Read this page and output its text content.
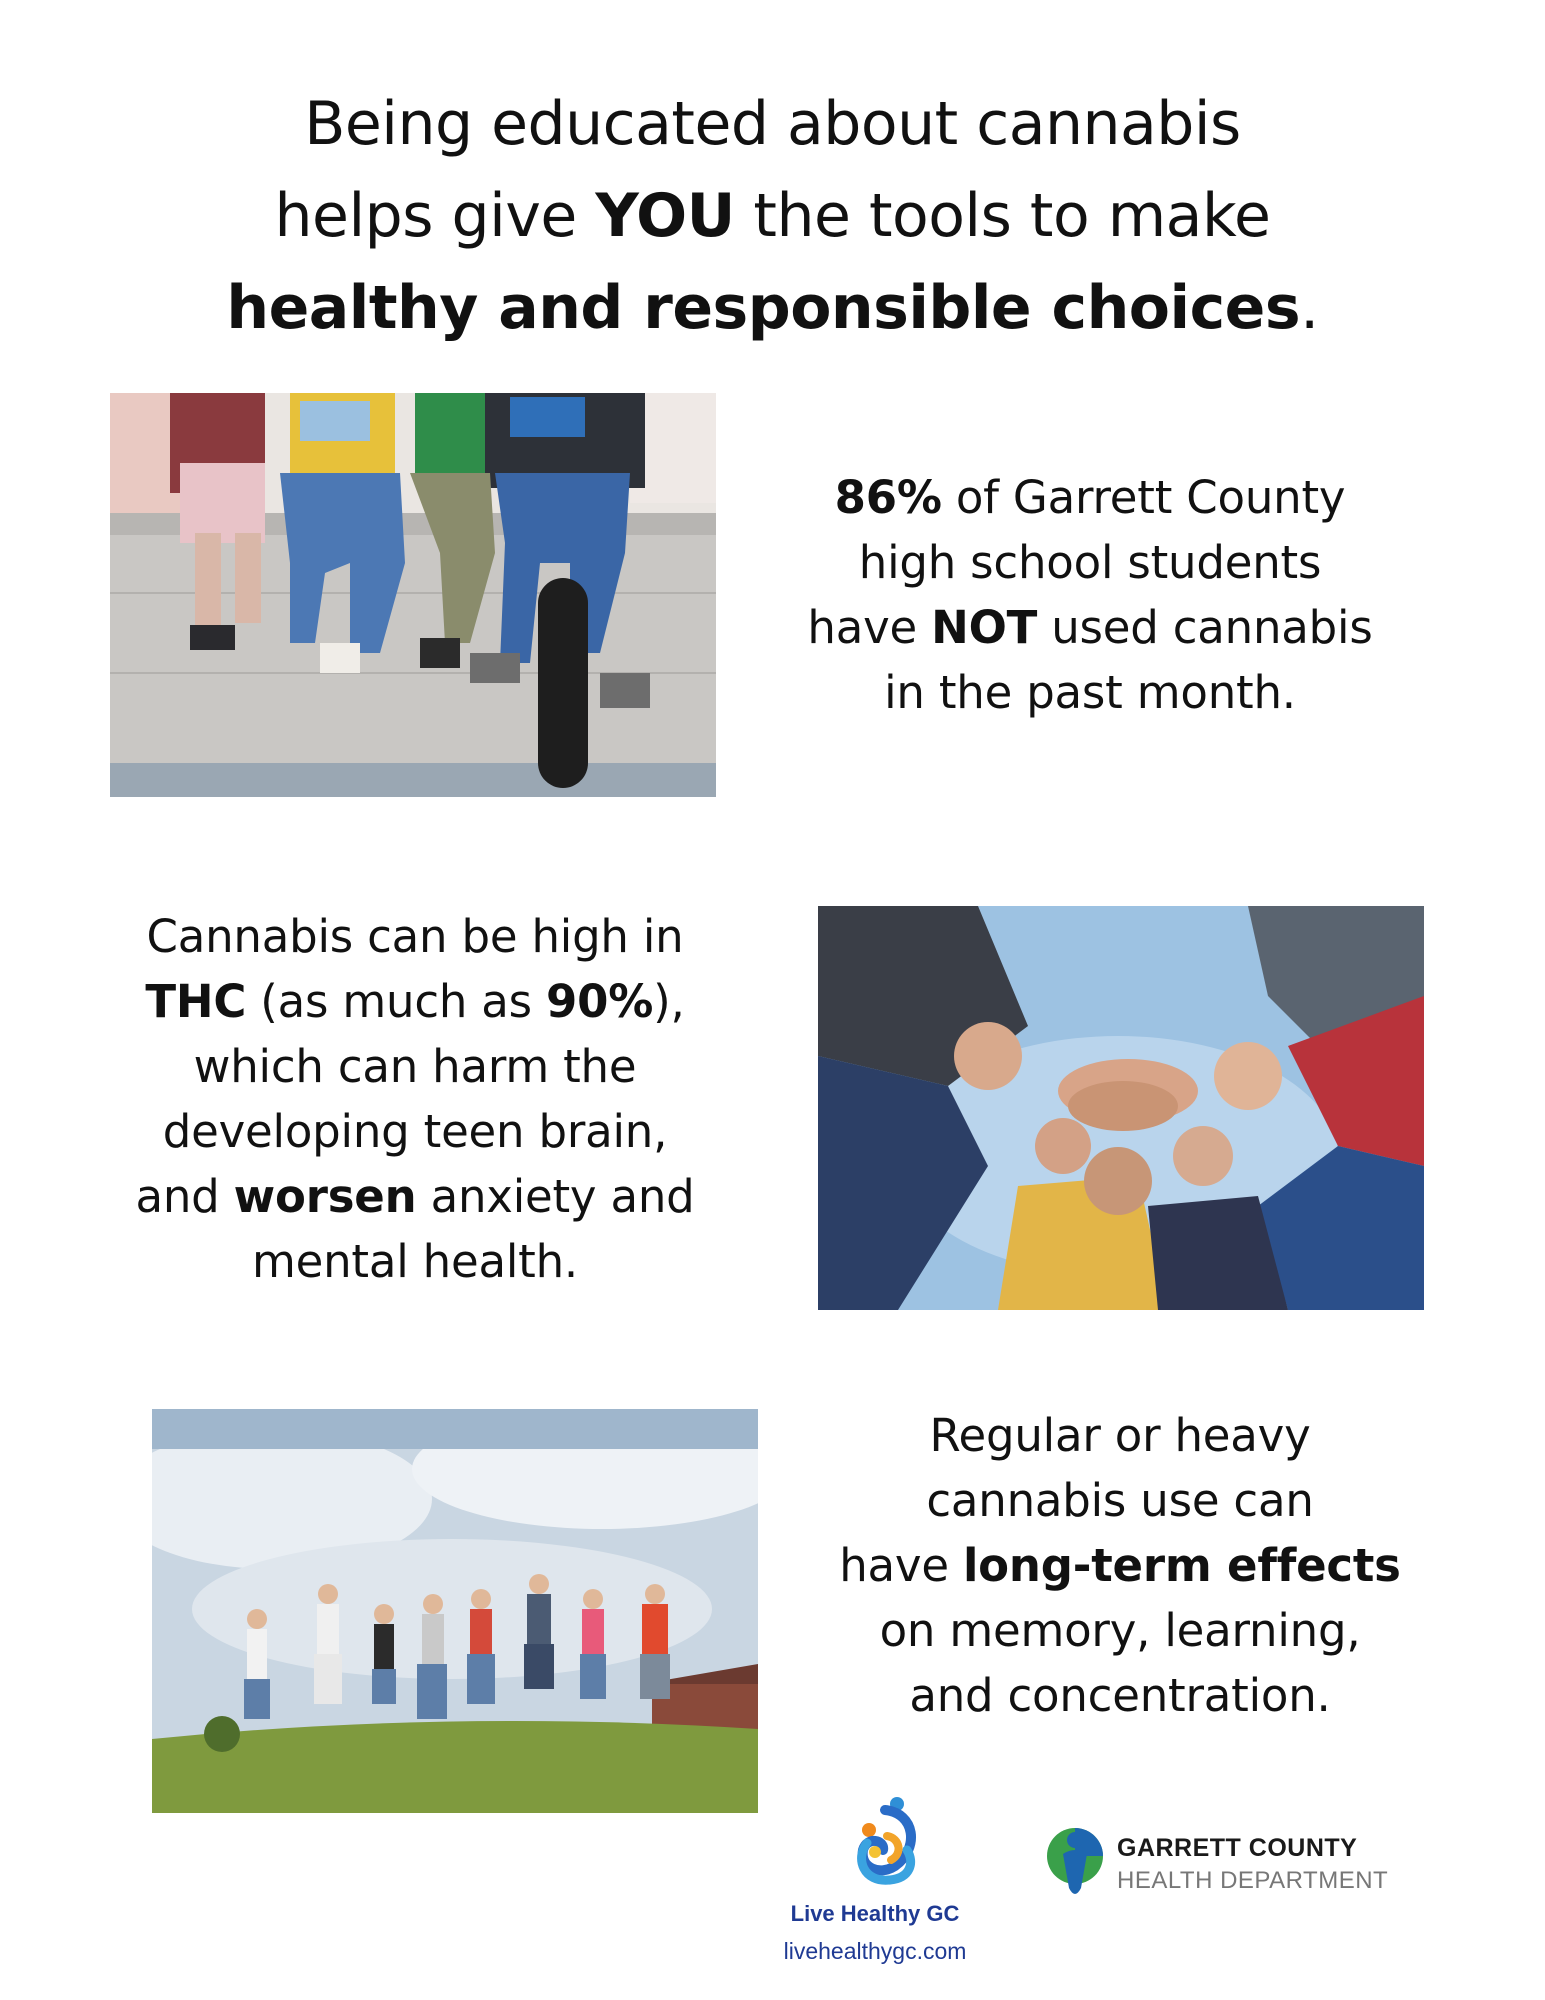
Being educated about cannabis
helps give YOU the tools to make
healthy and responsible choices.
86% of Garrett County
high school students
have NOT used cannabis
in the past month.
Cannabis can be high in
THC (as much as 90%),
which can harm the
developing teen brain,
and worsen anxiety and
mental health.
Regular or heavy
cannabis use can
have long-term effects
on memory, learning,
and concentration.
Live Healthy GC
livehealthygc.com
GARRETT COUNTY
HEALTH DEPARTMENT
